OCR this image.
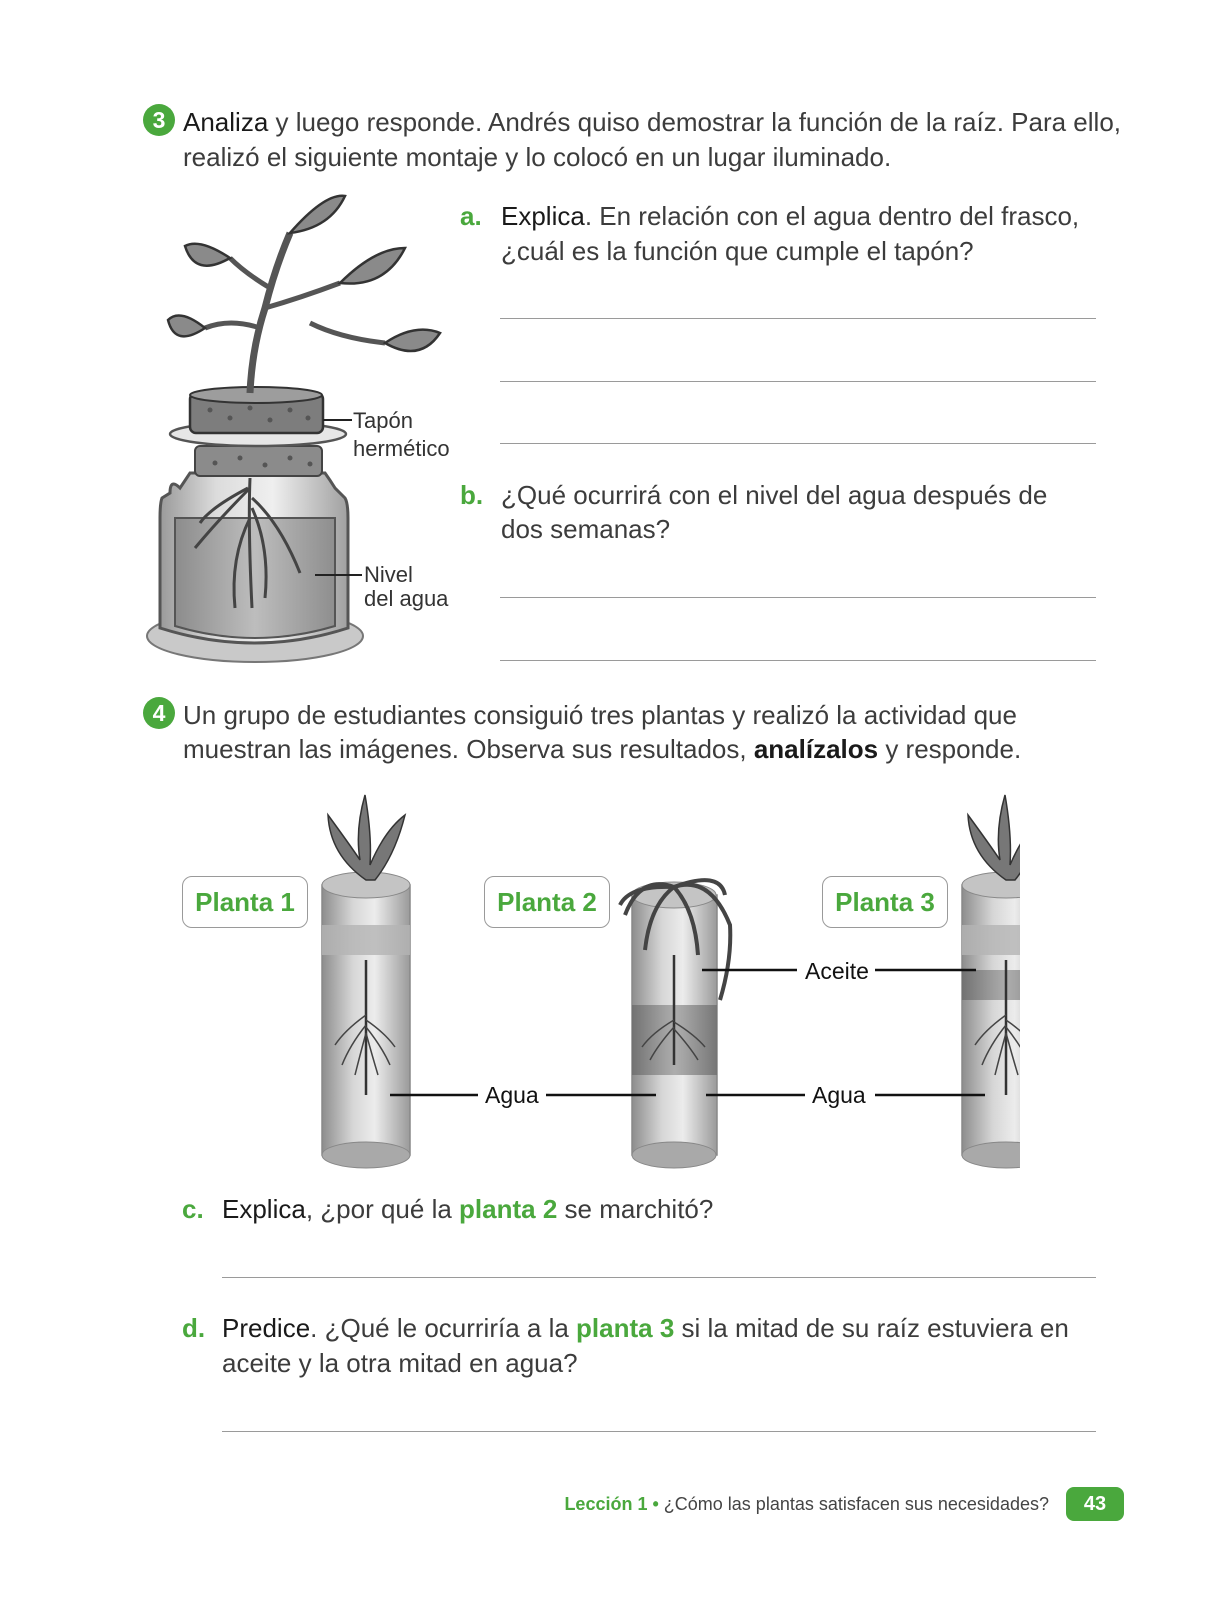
3 Analiza y luego responde. Andrés quiso demostrar la función de la raíz. Para ello,
realizó el siguiente montaje y lo colocó en un lugar iluminado.
Tapón
hermético
Nivel
del agua
a. Explica. En relación con el agua dentro del frasco,
¿cuál es la función que cumple el tapón?
b. ¿Qué ocurrirá con el nivel del agua después de
dos semanas?
4 Un grupo de estudiantes consiguió tres plantas y realizó la actividad que
muestran las imágenes. Observa sus resultados, analízalos y responde.
Planta 1	Planta 2	Planta 3
Aceite
Agua	Agua
c. Explica, ¿por qué la planta 2 se marchitó?
d. Predice. ¿Qué le ocurriría a la planta 3 si la mitad de su raíz estuviera en
aceite y la otra mitad en agua?
Lección 1 • ¿Cómo las plantas satisfacen sus necesidades?	43
